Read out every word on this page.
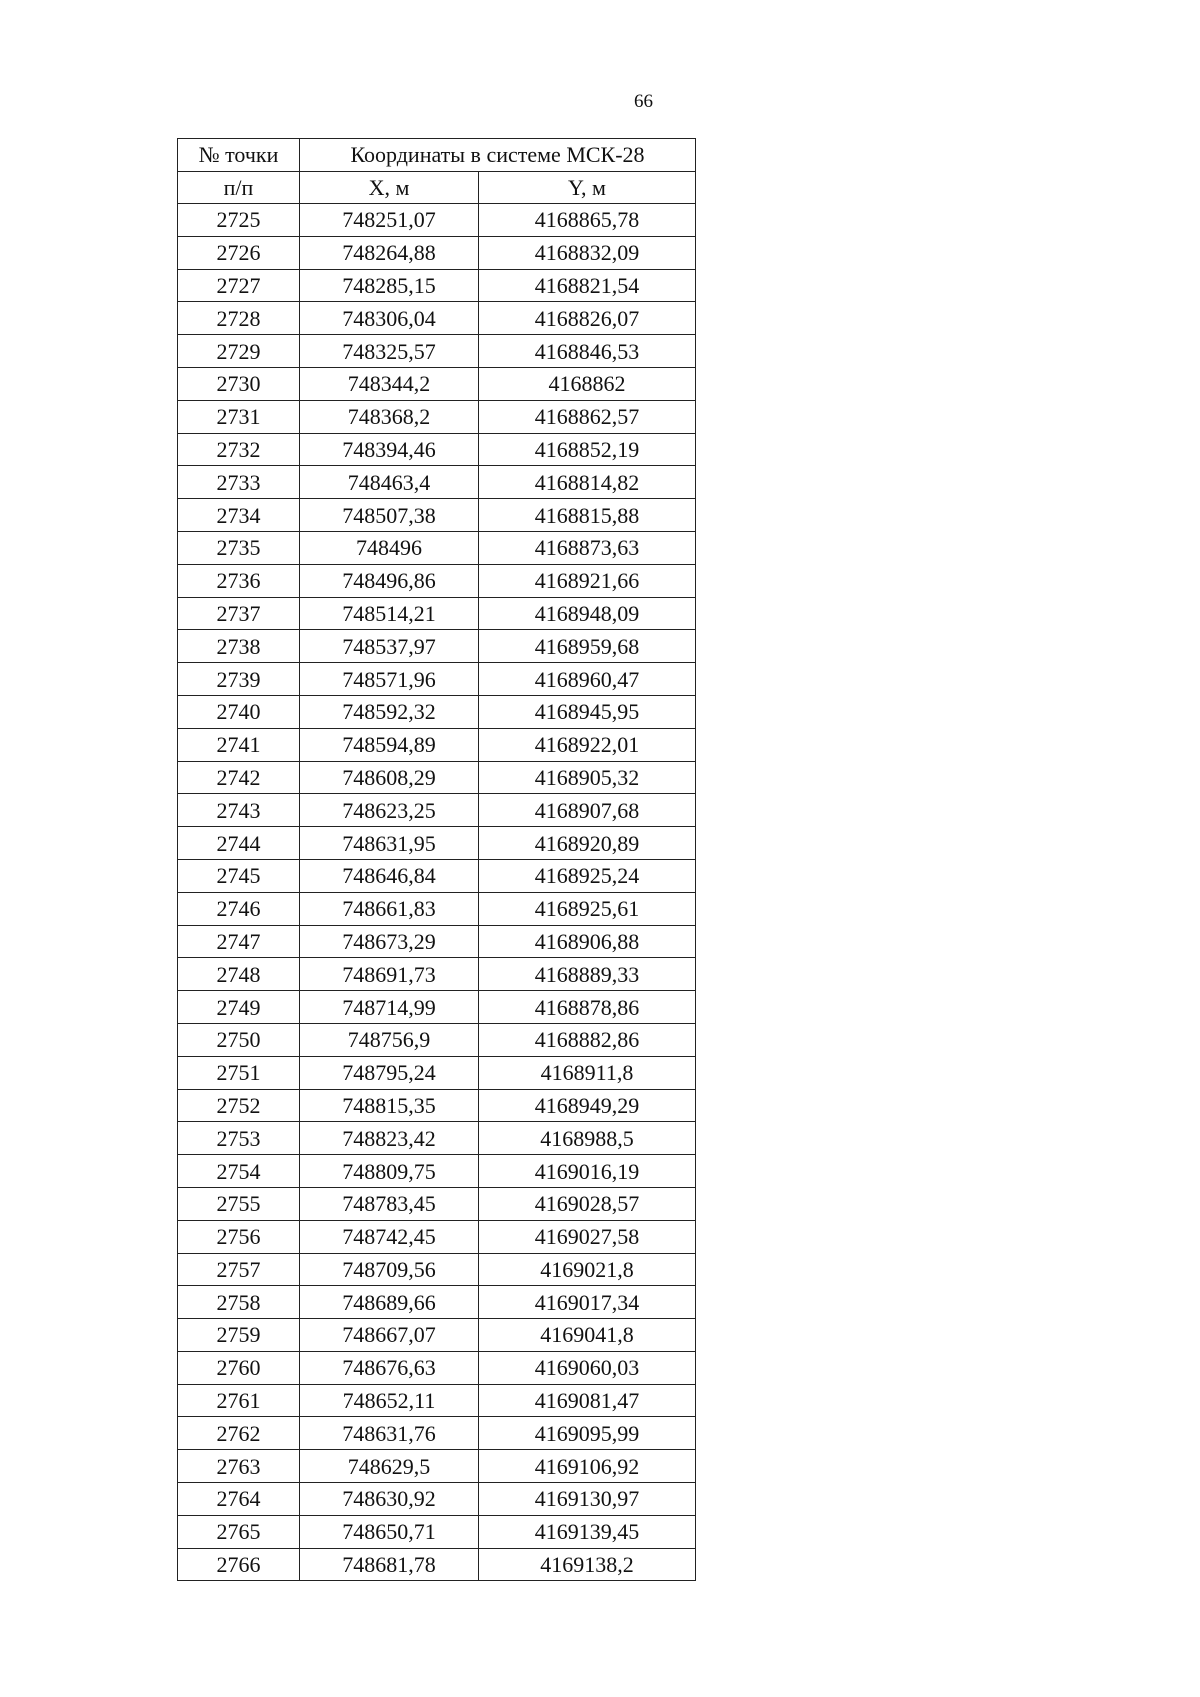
66
№ точки	Координаты в системе МСК-28	
п/п	X, м	Y, м
2725	748251,07	4168865,78
2726	748264,88	4168832,09
2727	748285,15	4168821,54
2728	748306,04	4168826,07
2729	748325,57	4168846,53
2730	748344,2	4168862
2731	748368,2	4168862,57
2732	748394,46	4168852,19
2733	748463,4	4168814,82
2734	748507,38	4168815,88
2735	748496	4168873,63
2736	748496,86	4168921,66
2737	748514,21	4168948,09
2738	748537,97	4168959,68
2739	748571,96	4168960,47
2740	748592,32	4168945,95
2741	748594,89	4168922,01
2742	748608,29	4168905,32
2743	748623,25	4168907,68
2744	748631,95	4168920,89
2745	748646,84	4168925,24
2746	748661,83	4168925,61
2747	748673,29	4168906,88
2748	748691,73	4168889,33
2749	748714,99	4168878,86
2750	748756,9	4168882,86
2751	748795,24	4168911,8
2752	748815,35	4168949,29
2753	748823,42	4168988,5
2754	748809,75	4169016,19
2755	748783,45	4169028,57
2756	748742,45	4169027,58
2757	748709,56	4169021,8
2758	748689,66	4169017,34
2759	748667,07	4169041,8
2760	748676,63	4169060,03
2761	748652,11	4169081,47
2762	748631,76	4169095,99
2763	748629,5	4169106,92
2764	748630,92	4169130,97
2765	748650,71	4169139,45
2766	748681,78	4169138,2
